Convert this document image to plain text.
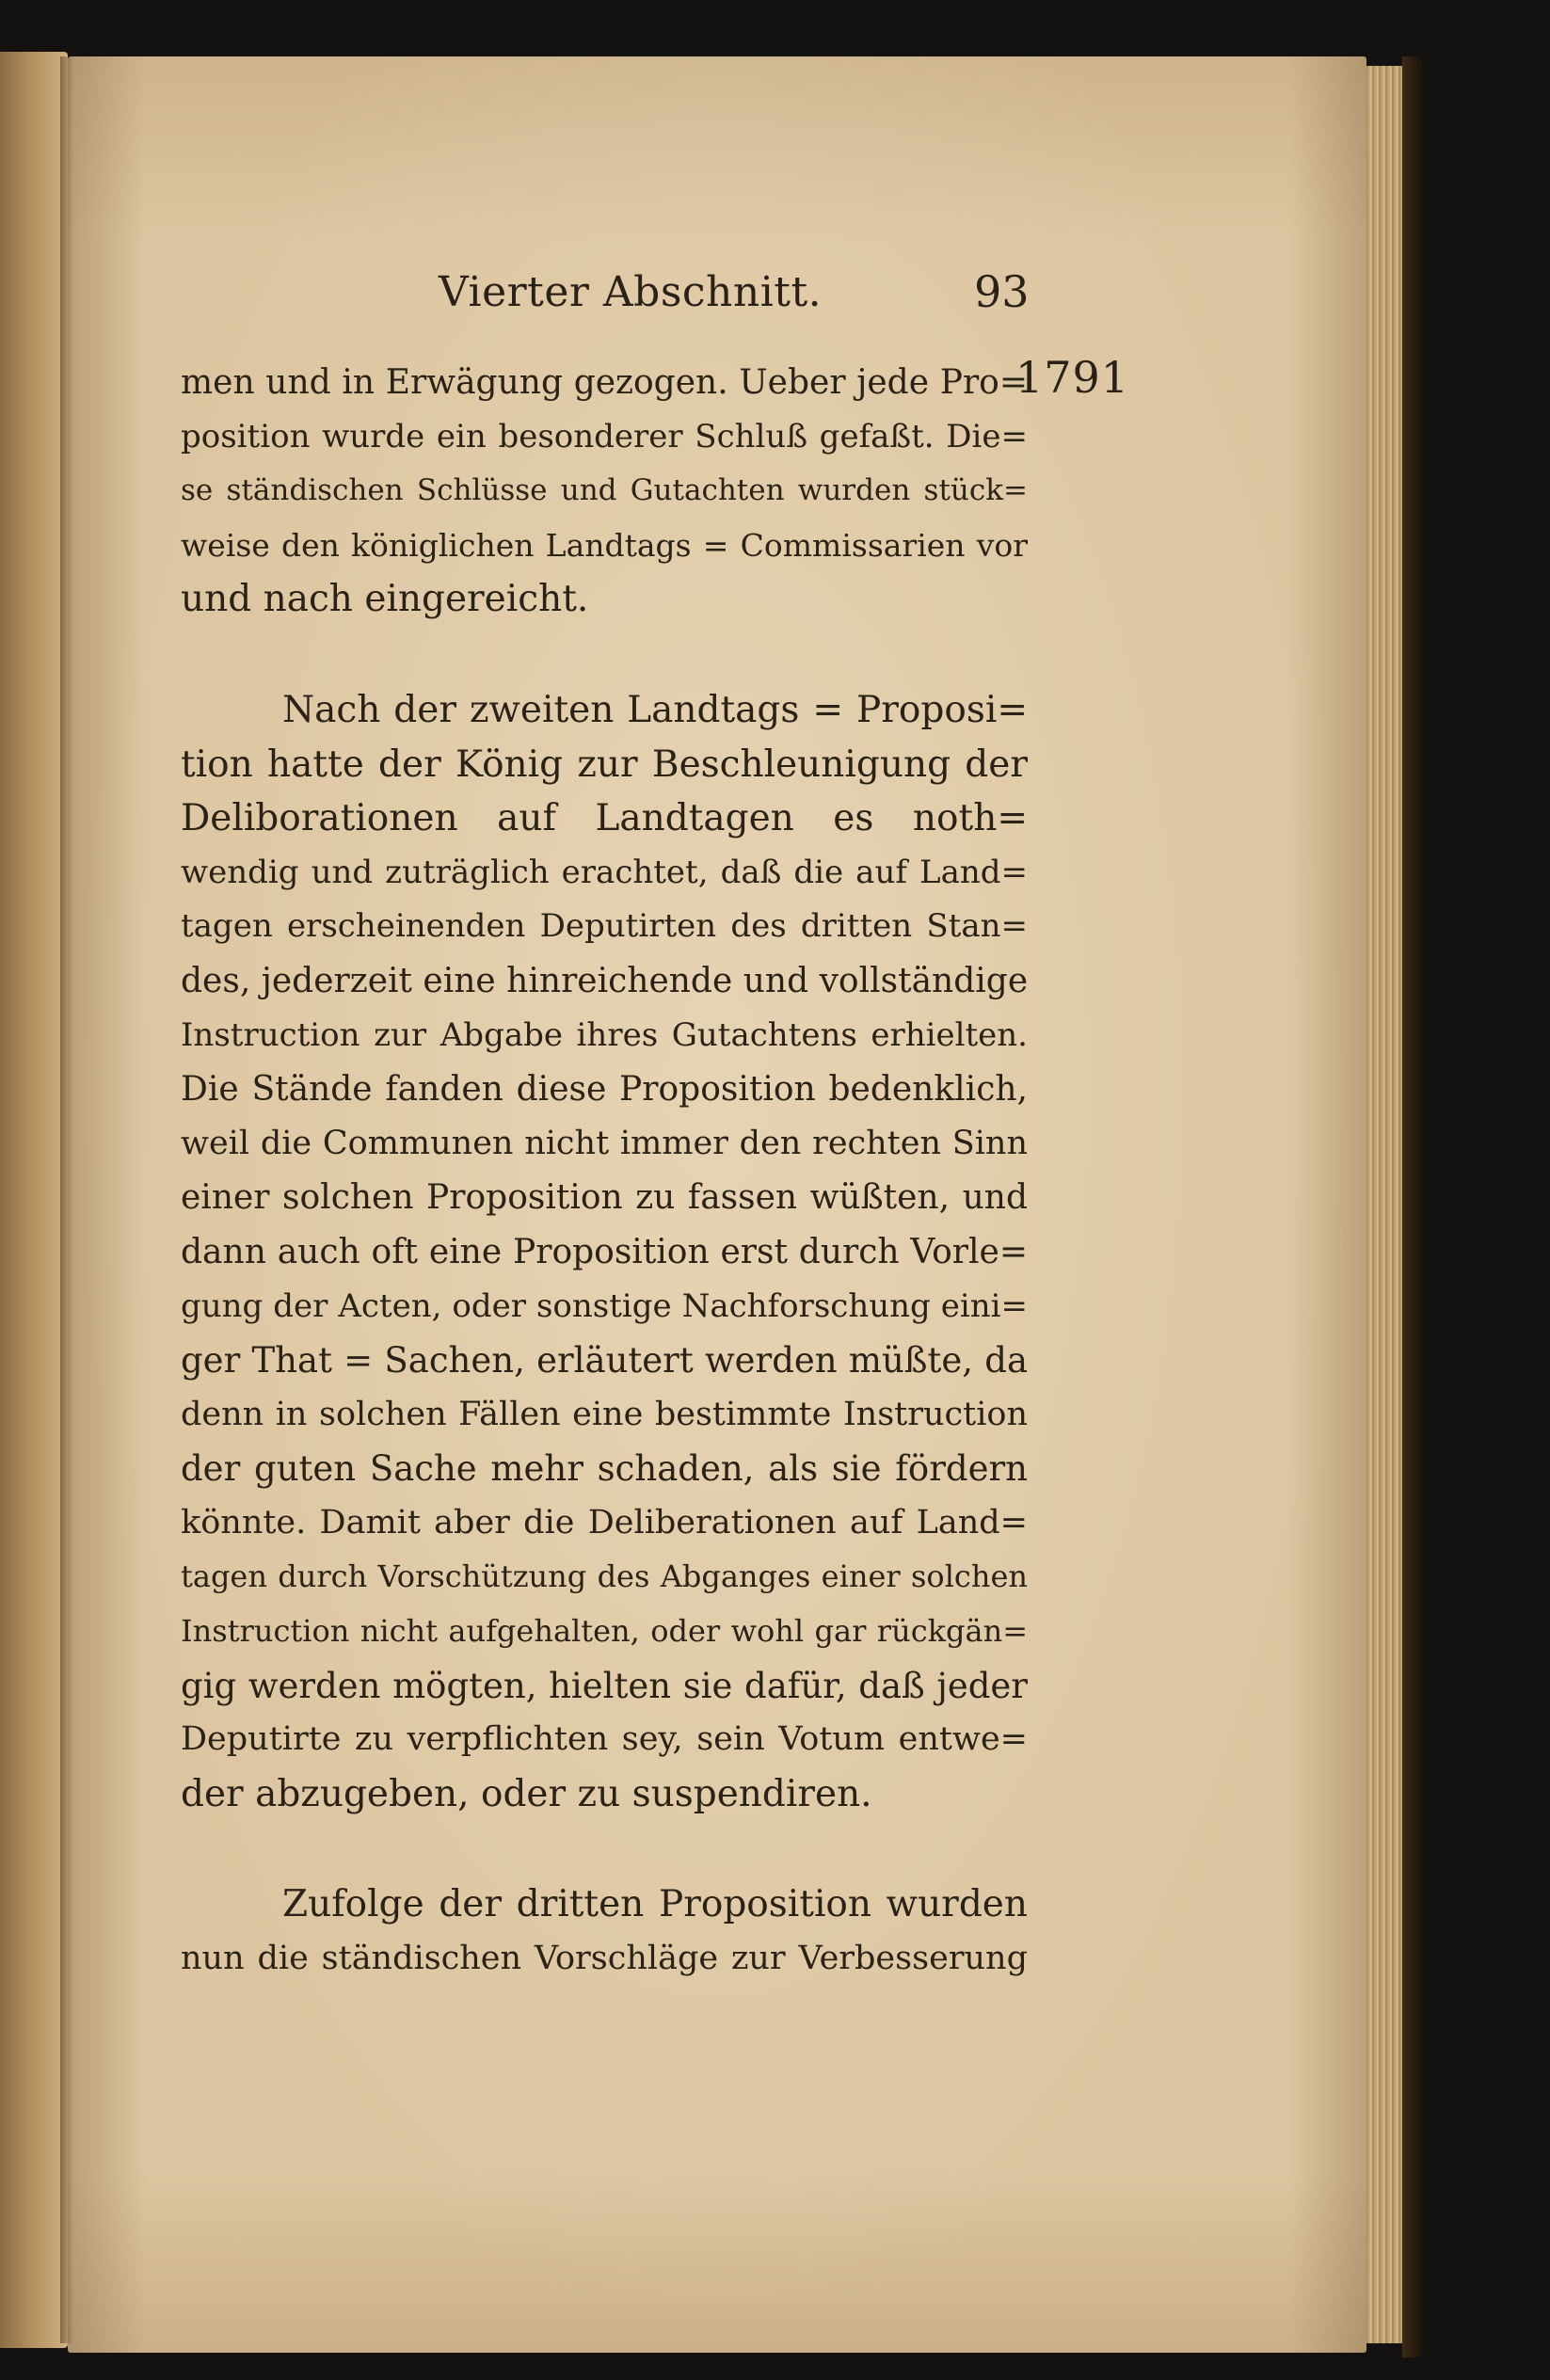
Vierter Abschnitt.	93
1791
men und in Erwägung gezogen. Ueber jede Pro=
position wurde ein besonderer Schluß gefaßt. Die=
se ständischen Schlüsse und Gutachten wurden stück=
weise den königlichen Landtags = Commissarien vor
und nach eingereicht.
Nach der zweiten Landtags = Proposi=
tion hatte der König zur Beschleunigung der
Deliborationen auf Landtagen es noth=
wendig und zuträglich erachtet, daß die auf Land=
tagen erscheinenden Deputirten des dritten Stan=
des, jederzeit eine hinreichende und vollständige
Instruction zur Abgabe ihres Gutachtens erhielten.
Die Stände fanden diese Proposition bedenklich,
weil die Communen nicht immer den rechten Sinn
einer solchen Proposition zu fassen wüßten, und
dann auch oft eine Proposition erst durch Vorle=
gung der Acten, oder sonstige Nachforschung eini=
ger That = Sachen, erläutert werden müßte, da
denn in solchen Fällen eine bestimmte Instruction
der guten Sache mehr schaden, als sie fördern
könnte. Damit aber die Deliberationen auf Land=
tagen durch Vorschützung des Abganges einer solchen
Instruction nicht aufgehalten, oder wohl gar rückgän=
gig werden mögten, hielten sie dafür, daß jeder
Deputirte zu verpflichten sey, sein Votum entwe=
der abzugeben, oder zu suspendiren.
Zufolge der dritten Proposition wurden
nun die ständischen Vorschläge zur Verbesserung
